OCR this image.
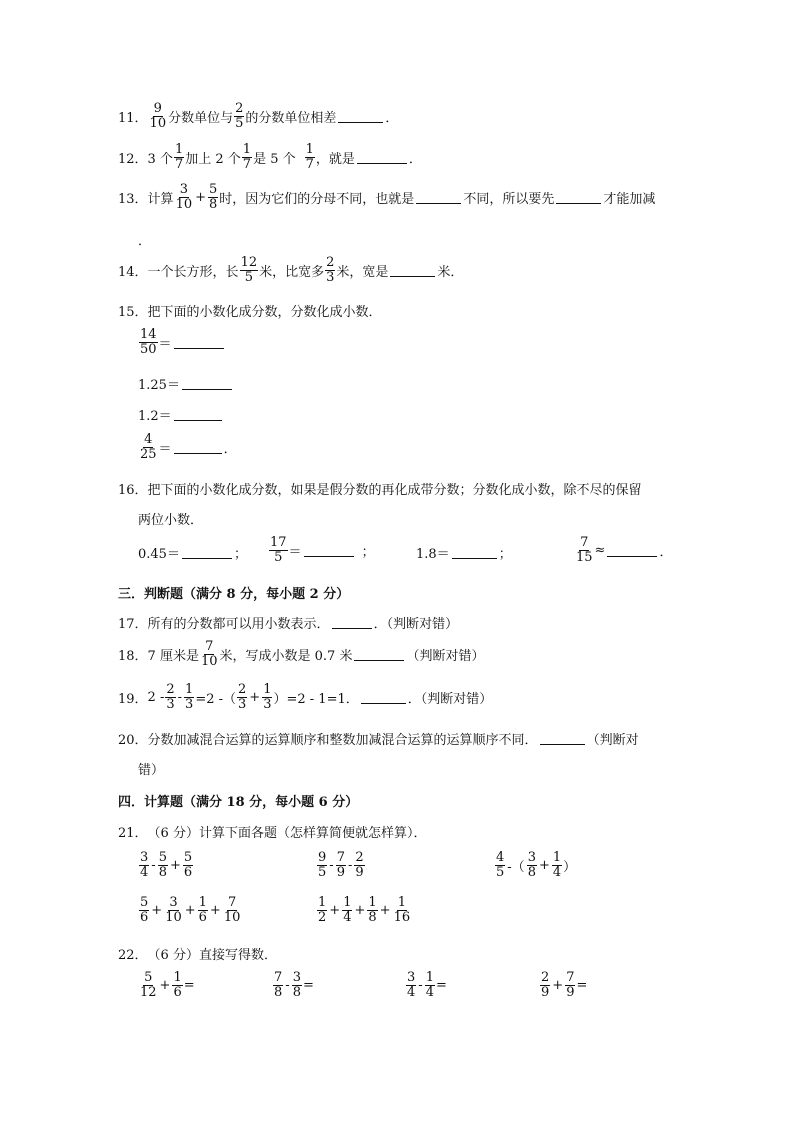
11． $\frac{9}{10}$ 分数单位与 $\frac{2}{5}$ 的分数单位相差	．
12． 3 个 $\frac{1}{7}$ 加上 2 个 $\frac{1}{7}$ 是 5 个 $\frac{1}{7}$ ，就是	．
13． 计算 $\frac{3}{10} + \frac{5}{8}$ 时，因为它们的分母不同，也就是	不同，所以要先	才能加减
．
14． 一个长方形，长 $\frac{12}{5}$ 米，比宽多 $\frac{2}{3}$ 米，宽是	米．
15． 把下面的小数化成分数，分数化成小数．
$\frac{14}{50}$ ＝
1.25＝
1.2＝
$\frac{4}{25}$ ＝	．
16． 把下面的小数化成分数，如果是假分数的再化成带分数；分数化成小数，除不尽的保留
两位小数．
0.45＝	； $\frac{17}{5}$ ＝	；	1.8＝	；	$\frac{7}{15}$ ≈	．
三．判断题（满分 8 分，每小题 2 分）
17． 所有的分数都可以用小数表示．	．（判断对错）
18． 7 厘米是 $\frac{7}{10}$ 米，写成小数是 0.7 米	（判断对错）
19． $2 - \frac{2}{3} - \frac{1}{3} =2$ -（ $\frac{2}{3} + \frac{1}{3} )=2 - 1=1$．	．（判断对错）
20． 分数加减混合运算的运算顺序和整数加减混合运算的运算顺序不同．	（判断对
错）
四．计算题（满分 18 分，每小题 6 分）
21． （6 分）计算下面各题（怎样算简便就怎样算）．
$\frac{3}{4} - \frac{5}{8} + \frac{5}{6}$	$\frac{9}{5} - \frac{7}{9} - \frac{2}{9}$	$\frac{4}{5}$ -（ $\frac{3}{8} + \frac{1}{4}$ ）
$\frac{5}{6} + \frac{3}{10} + \frac{1}{6} + \frac{7}{10}$	$\frac{1}{2} + \frac{1}{4} + \frac{1}{8} + \frac{1}{16}$
22． （6 分）直接写得数．
$\frac{5}{12} + \frac{1}{6}$ =	$\frac{7}{8} - \frac{3}{8}$ =	$\frac{3}{4} - \frac{1}{4}$ =	$\frac{2}{9} + \frac{7}{9}$ =
